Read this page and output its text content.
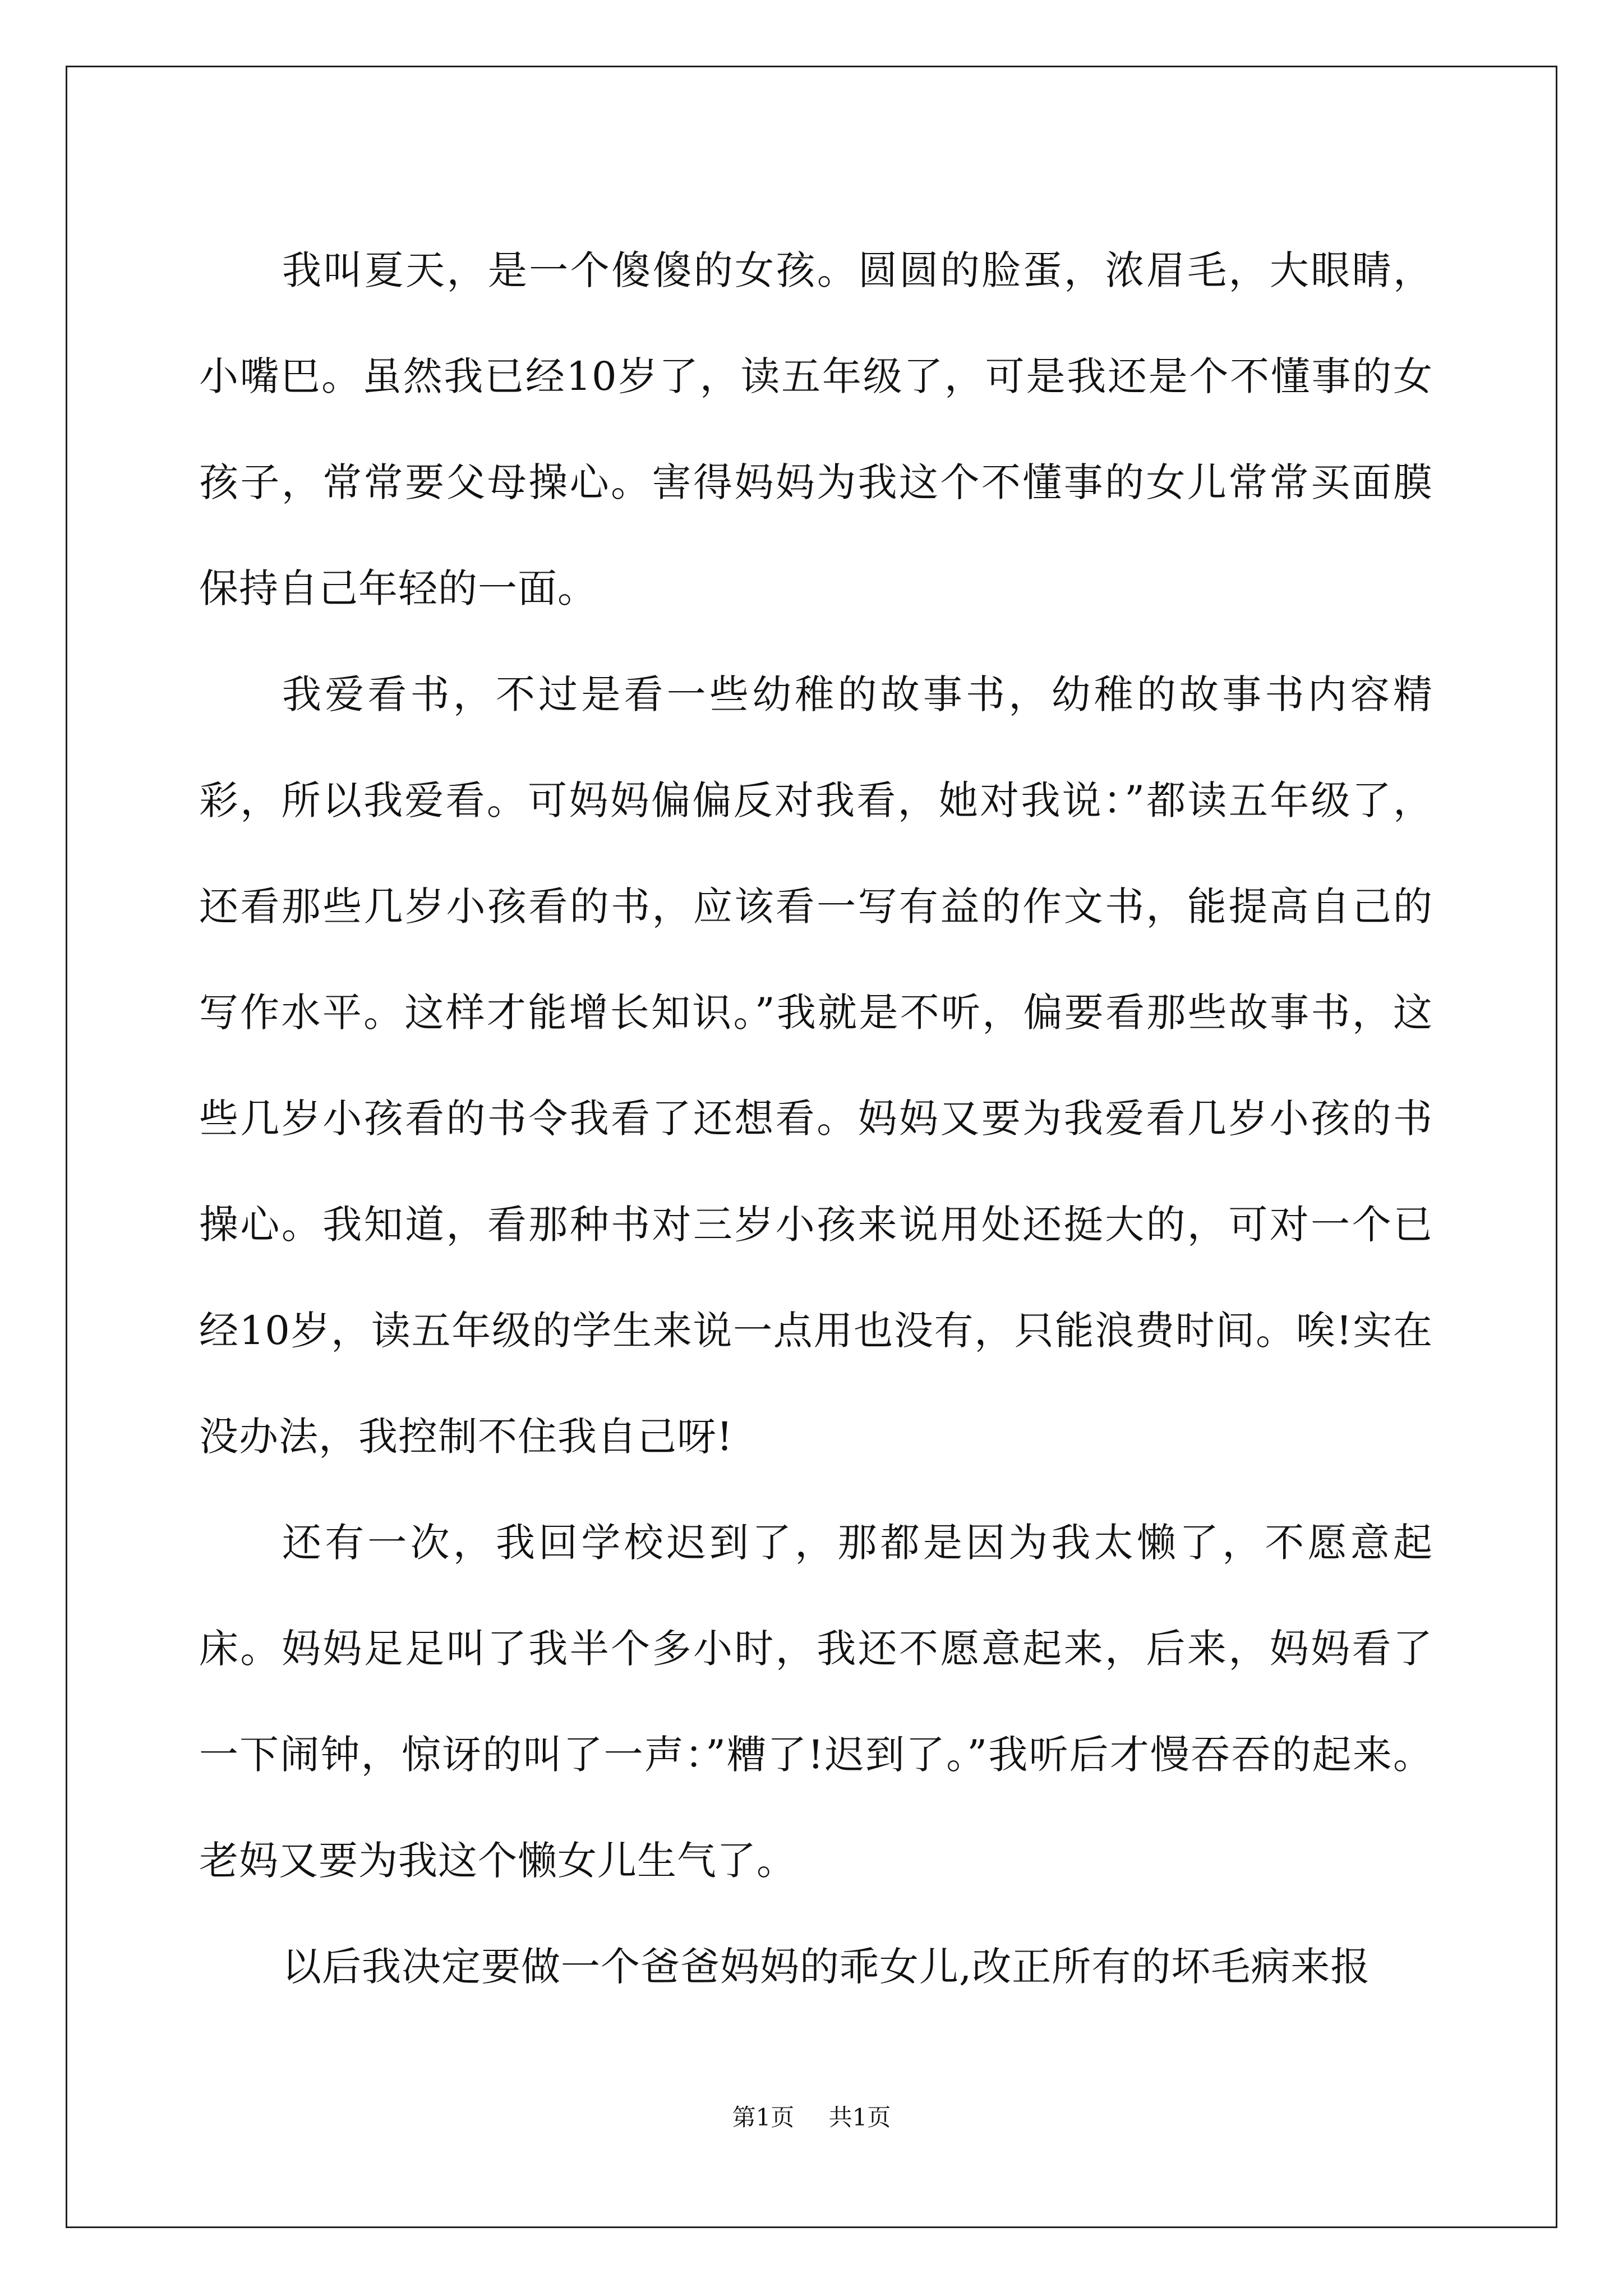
我叫夏天，是一个傻傻的女孩。圆圆的脸蛋，浓眉毛，大眼睛，小嘴巴。虽然我已经10岁了，读五年级了，可是我还是个不懂事的女孩子，常常要父母操心。害得妈妈为我这个不懂事的女儿常常买面膜保持自己年轻的一面。

我爱看书，不过是看一些幼稚的故事书，幼稚的故事书内容精彩，所以我爱看。可妈妈偏偏反对我看，她对我说：”都读五年级了，还看那些几岁小孩看的书，应该看一写有益的作文书，能提高自己的写作水平。这样才能增长知识。”我就是不听，偏要看那些故事书，这些几岁小孩看的书令我看了还想看。妈妈又要为我爱看几岁小孩的书操心。我知道，看那种书对三岁小孩来说用处还挺大的，可对一个已经10岁，读五年级的学生来说一点用也没有，只能浪费时间。唉!实在没办法，我控制不住我自己呀!

还有一次，我回学校迟到了，那都是因为我太懒了，不愿意起床。妈妈足足叫了我半个多小时，我还不愿意起来，后来，妈妈看了一下闹钟，惊讶的叫了一声：”糟了!迟到了。”我听后才慢吞吞的起来。老妈又要为我这个懒女儿生气了。

以后我决定要做一个爸爸妈妈的乖女儿,改正所有的坏毛病来报

第1页 共1页
